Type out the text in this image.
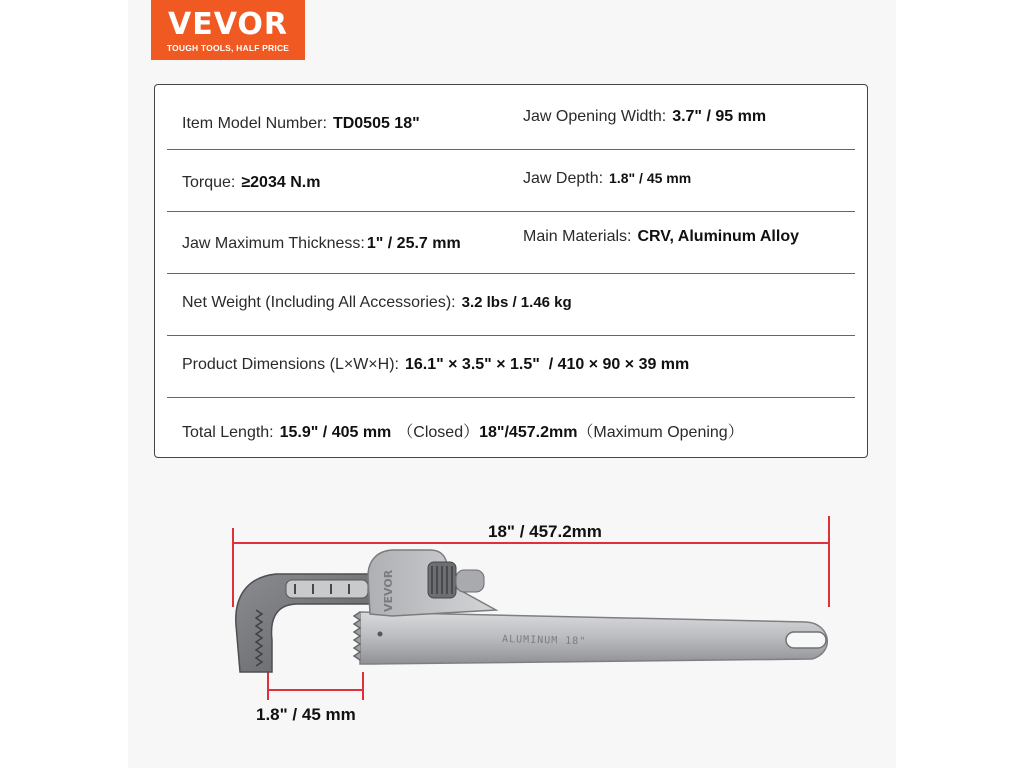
VEVOR
TOUGH TOOLS, HALF PRICE
Item Model Number: TD0505 18"	Jaw Opening Width: 3.7" / 95 mm
Torque: ≥2034 N.m	Jaw Depth: 1.8" / 45 mm
Jaw Maximum Thickness: 1" / 25.7 mm	Main Materials: CRV, Aluminum Alloy
Net Weight (Including All Accessories): 3.2 lbs / 1.46 kg
Product Dimensions (L×W×H): 16.1" × 3.5" × 1.5"  / 410 × 90 × 39 mm
Total Length: 15.9" / 405 mm （Closed）18"/457.2mm（Maximum Opening）
ALUMINUM 18"
VEVOR
18" / 457.2mm
1.8" / 45 mm
